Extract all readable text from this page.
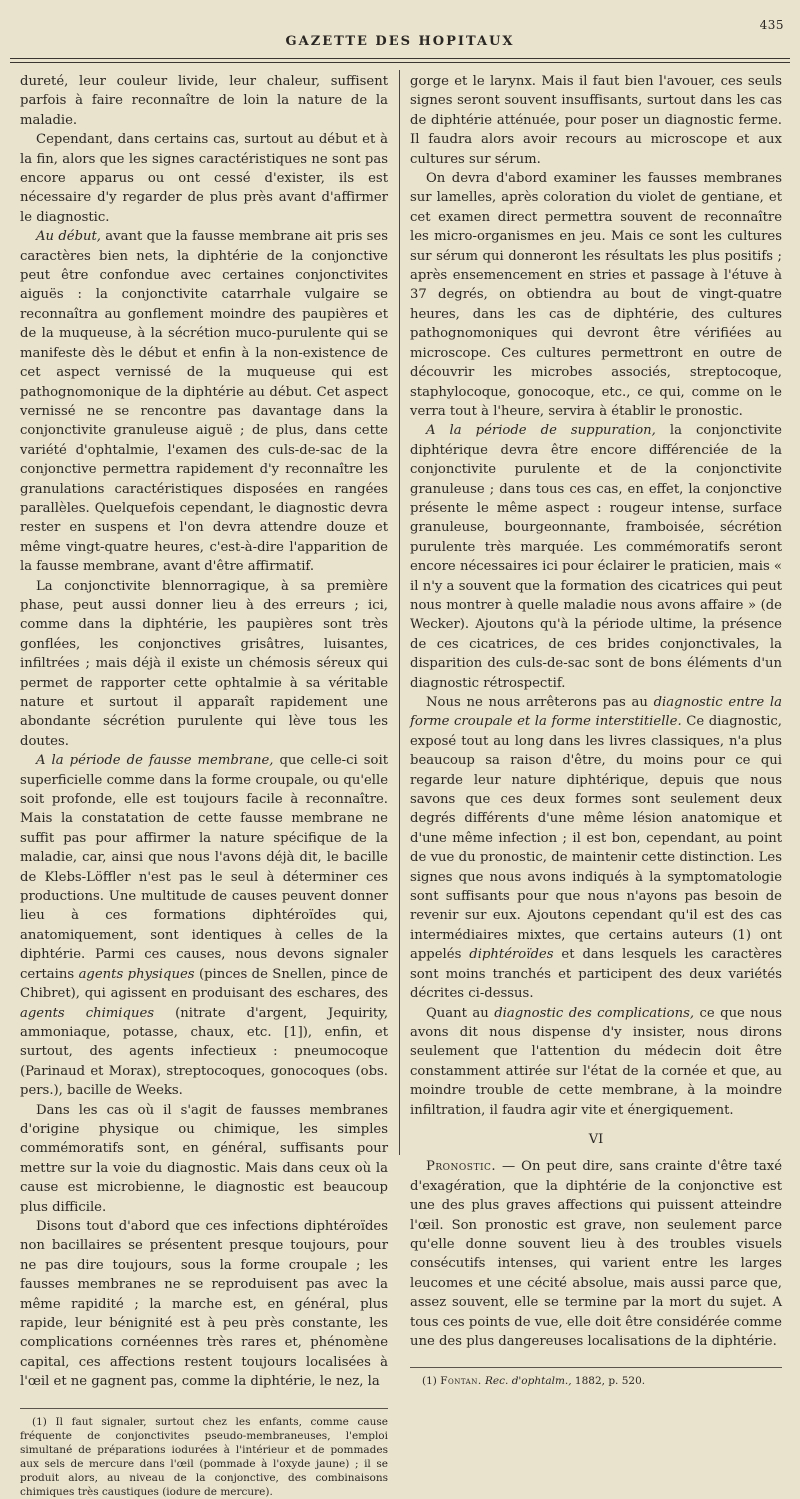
435
GAZETTE DES HOPITAUX

dureté, leur couleur livide, leur chaleur, suffisent parfois à faire reconnaître de loin la nature de la maladie.

Cependant, dans certains cas, surtout au début et à la fin, alors que les signes caractéristiques ne sont pas encore apparus ou ont cessé d'exister, ils est nécessaire d'y regarder de plus près avant d'affirmer le diagnostic.

Au début, avant que la fausse membrane ait pris ses caractères bien nets, la diphtérie de la conjonctive peut être confondue avec certaines conjonctivites aiguës : la conjonctivite catarrhale vulgaire se reconnaîtra au gonflement moindre des paupières et de la muqueuse, à la sécrétion muco-purulente qui se manifeste dès le début et enfin à la non-existence de cet aspect vernissé de la muqueuse qui est pathognomonique de la diphtérie au début. Cet aspect vernissé ne se rencontre pas davantage dans la conjonctivite granuleuse aiguë ; de plus, dans cette variété d'ophtalmie, l'examen des culs-de-sac de la conjonctive permettra rapidement d'y reconnaître les granulations caractéristiques disposées en rangées parallèles. Quelquefois cependant, le diagnostic devra rester en suspens et l'on devra attendre douze et même vingt-quatre heures, c'est-à-dire l'apparition de la fausse membrane, avant d'être affirmatif.

La conjonctivite blennorragique, à sa première phase, peut aussi donner lieu à des erreurs ; ici, comme dans la diphtérie, les paupières sont très gonflées, les conjonctives grisâtres, luisantes, infiltrées ; mais déjà il existe un chémosis séreux qui permet de rapporter cette ophtalmie à sa véritable nature et surtout il apparaît rapidement une abondante sécrétion purulente qui lève tous les doutes.

A la période de fausse membrane, que celle-ci soit superficielle comme dans la forme croupale, ou qu'elle soit profonde, elle est toujours facile à reconnaître. Mais la constatation de cette fausse membrane ne suffit pas pour affirmer la nature spécifique de la maladie, car, ainsi que nous l'avons déjà dit, le bacille de Klebs-Löffler n'est pas le seul à déterminer ces productions. Une multitude de causes peuvent donner lieu à ces formations diphtéroïdes qui, anatomiquement, sont identiques à celles de la diphtérie. Parmi ces causes, nous devons signaler certains agents physiques (pinces de Snellen, pince de Chibret), qui agissent en produisant des eschares, des agents chimiques (nitrate d'argent, Jequirity, ammoniaque, potasse, chaux, etc. [1]), enfin, et surtout, des agents infectieux : pneumocoque (Parinaud et Morax), streptocoques, gonocoques (obs. pers.), bacille de Weeks.

Dans les cas où il s'agit de fausses membranes d'origine physique ou chimique, les simples commémoratifs sont, en général, suffisants pour mettre sur la voie du diagnostic. Mais dans ceux où la cause est microbienne, le diagnostic est beaucoup plus difficile.

Disons tout d'abord que ces infections diphtéroïdes non bacillaires se présentent presque toujours, pour ne pas dire toujours, sous la forme croupale ; les fausses membranes ne se reproduisent pas avec la même rapidité ; la marche est, en général, plus rapide, leur bénignité est à peu près constante, les complications cornéennes très rares et, phénomène capital, ces affections restent toujours localisées à l'œil et ne gagnent pas, comme la diphtérie, le nez, la

(1) Il faut signaler, surtout chez les enfants, comme cause fréquente de conjonctivites pseudo-membraneuses, l'emploi simultané de préparations iodurées à l'intérieur et de pommades aux sels de mercure dans l'œil (pommade à l'oxyde jaune) ; il se produit alors, au niveau de la conjonctive, des combinaisons chimiques très caustiques (iodure de mercure).

gorge et le larynx. Mais il faut bien l'avouer, ces seuls signes seront souvent insuffisants, surtout dans les cas de diphtérie atténuée, pour poser un diagnostic ferme. Il faudra alors avoir recours au microscope et aux cultures sur sérum.

On devra d'abord examiner les fausses membranes sur lamelles, après coloration du violet de gentiane, et cet examen direct permettra souvent de reconnaître les micro-organismes en jeu. Mais ce sont les cultures sur sérum qui donneront les résultats les plus positifs ; après ensemencement en stries et passage à l'étuve à 37 degrés, on obtiendra au bout de vingt-quatre heures, dans les cas de diphtérie, des cultures pathognomoniques qui devront être vérifiées au microscope. Ces cultures permettront en outre de découvrir les microbes associés, streptocoque, staphylocoque, gonocoque, etc., ce qui, comme on le verra tout à l'heure, servira à établir le pronostic.

A la période de suppuration, la conjonctivite diphtérique devra être encore différenciée de la conjonctivite purulente et de la conjonctivite granuleuse ; dans tous ces cas, en effet, la conjonctive présente le même aspect : rougeur intense, surface granuleuse, bourgeonnante, framboisée, sécrétion purulente très marquée. Les commémoratifs seront encore nécessaires ici pour éclairer le praticien, mais « il n'y a souvent que la formation des cicatrices qui peut nous montrer à quelle maladie nous avons affaire » (de Wecker). Ajoutons qu'à la période ultime, la présence de ces cicatrices, de ces brides conjonctivales, la disparition des culs-de-sac sont de bons éléments d'un diagnostic rétrospectif.

Nous ne nous arrêterons pas au diagnostic entre la forme croupale et la forme interstitielle. Ce diagnostic, exposé tout au long dans les livres classiques, n'a plus beaucoup sa raison d'être, du moins pour ce qui regarde leur nature diphtérique, depuis que nous savons que ces deux formes sont seulement deux degrés différents d'une même lésion anatomique et d'une même infection ; il est bon, cependant, au point de vue du pronostic, de maintenir cette distinction. Les signes que nous avons indiqués à la symptomatologie sont suffisants pour que nous n'ayons pas besoin de revenir sur eux. Ajoutons cependant qu'il est des cas intermédiaires mixtes, que certains auteurs (1) ont appelés diphtéroïdes et dans lesquels les caractères sont moins tranchés et participent des deux variétés décrites ci-dessus.

Quant au diagnostic des complications, ce que nous avons dit nous dispense d'y insister, nous dirons seulement que l'attention du médecin doit être constamment attirée sur l'état de la cornée et que, au moindre trouble de cette membrane, à la moindre infiltration, il faudra agir vite et énergiquement.

VI

Pronostic. — On peut dire, sans crainte d'être taxé d'exagération, que la diphtérie de la conjonctive est une des plus graves affections qui puissent atteindre l'œil. Son pronostic est grave, non seulement parce qu'elle donne souvent lieu à des troubles visuels consécutifs intenses, qui varient entre les larges leucomes et une cécité absolue, mais aussi parce que, assez souvent, elle se termine par la mort du sujet. A tous ces points de vue, elle doit être considérée comme une des plus dangereuses localisations de la diphtérie.

(1) Fontan. Rec. d'ophtalm., 1882, p. 520.
